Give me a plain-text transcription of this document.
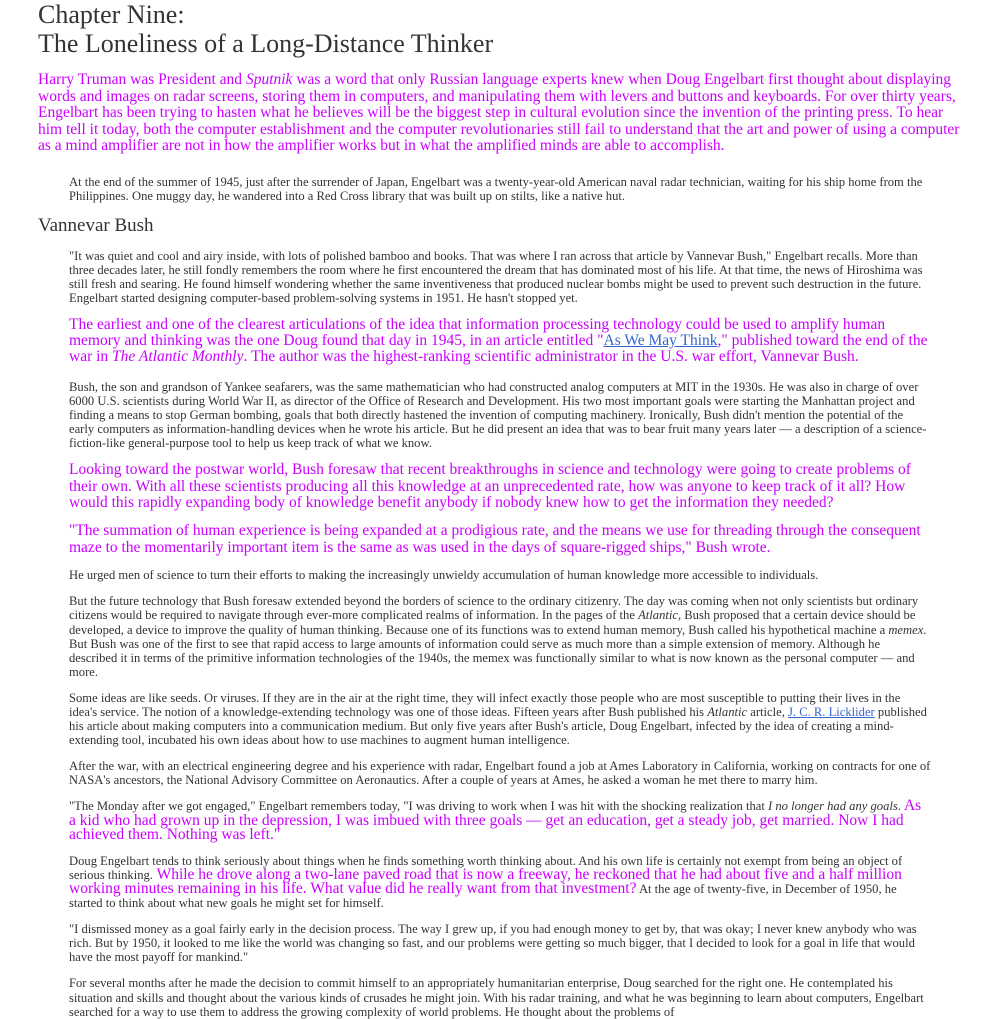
Chapter Nine:
The Loneliness of a Long-Distance Thinker

Harry Truman was President and Sputnik was a word that only Russian language experts knew when Doug Engelbart first thought about displaying words and images on radar screens, storing them in computers, and manipulating them with levers and buttons and keyboards. For over thirty years, Engelbart has been trying to hasten what he believes will be the biggest step in cultural evolution since the invention of the printing press. To hear him tell it today, both the computer establishment and the computer revolutionaries still fail to understand that the art and power of using a computer as a mind amplifier are not in how the amplifier works but in what the amplified minds are able to accomplish.

At the end of the summer of 1945, just after the surrender of Japan, Engelbart was a twenty-year-old American naval radar technician, waiting for his ship home from the Philippines. One muggy day, he wandered into a Red Cross library that was built up on stilts, like a native hut.

Vannevar Bush

"It was quiet and cool and airy inside, with lots of polished bamboo and books. That was where I ran across that article by Vannevar Bush," Engelbart recalls. More than three decades later, he still fondly remembers the room where he first encountered the dream that has dominated most of his life. At that time, the news of Hiroshima was still fresh and searing. He found himself wondering whether the same inventiveness that produced nuclear bombs might be used to prevent such destruction in the future. Engelbart started designing computer-based problem-solving systems in 1951. He hasn't stopped yet.

The earliest and one of the clearest articulations of the idea that information processing technology could be used to amplify human memory and thinking was the one Doug found that day in 1945, in an article entitled "As We May Think," published toward the end of the war in The Atlantic Monthly. The author was the highest-ranking scientific administrator in the U.S. war effort, Vannevar Bush.

Bush, the son and grandson of Yankee seafarers, was the same mathematician who had constructed analog computers at MIT in the 1930s. He was also in charge of over 6000 U.S. scientists during World War II, as director of the Office of Research and Development. His two most important goals were starting the Manhattan project and finding a means to stop German bombing, goals that both directly hastened the invention of computing machinery. Ironically, Bush didn't mention the potential of the early computers as information-handling devices when he wrote his article. But he did present an idea that was to bear fruit many years later — a description of a science-fiction-like general-purpose tool to help us keep track of what we know.

Looking toward the postwar world, Bush foresaw that recent breakthroughs in science and technology were going to create problems of their own. With all these scientists producing all this knowledge at an unprecedented rate, how was anyone to keep track of it all? How would this rapidly expanding body of knowledge benefit anybody if nobody knew how to get the information they needed?

"The summation of human experience is being expanded at a prodigious rate, and the means we use for threading through the consequent maze to the momentarily important item is the same as was used in the days of square-rigged ships," Bush wrote.

He urged men of science to turn their efforts to making the increasingly unwieldy accumulation of human knowledge more accessible to individuals.

But the future technology that Bush foresaw extended beyond the borders of science to the ordinary citizenry. The day was coming when not only scientists but ordinary citizens would be required to navigate through ever-more complicated realms of information. In the pages of the Atlantic, Bush proposed that a certain device should be developed, a device to improve the quality of human thinking. Because one of its functions was to extend human memory, Bush called his hypothetical machine a memex. But Bush was one of the first to see that rapid access to large amounts of information could serve as much more than a simple extension of memory. Although he described it in terms of the primitive information technologies of the 1940s, the memex was functionally similar to what is now known as the personal computer — and more.

Some ideas are like seeds. Or viruses. If they are in the air at the right time, they will infect exactly those people who are most susceptible to putting their lives in the idea's service. The notion of a knowledge-extending technology was one of those ideas. Fifteen years after Bush published his Atlantic article, J. C. R. Licklider published his article about making computers into a communication medium. But only five years after Bush's article, Doug Engelbart, infected by the idea of creating a mind-extending tool, incubated his own ideas about how to use machines to augment human intelligence.

After the war, with an electrical engineering degree and his experience with radar, Engelbart found a job at Ames Laboratory in California, working on contracts for one of NASA's ancestors, the National Advisory Committee on Aeronautics. After a couple of years at Ames, he asked a woman he met there to marry him.

"The Monday after we got engaged," Engelbart remembers today, "I was driving to work when I was hit with the shocking realization that I no longer had any goals. As a kid who had grown up in the depression, I was imbued with three goals — get an education, get a steady job, get married. Now I had achieved them. Nothing was left."

Doug Engelbart tends to think seriously about things when he finds something worth thinking about. And his own life is certainly not exempt from being an object of serious thinking. While he drove along a two-lane paved road that is now a freeway, he reckoned that he had about five and a half million working minutes remaining in his life. What value did he really want from that investment? At the age of twenty-five, in December of 1950, he started to think about what new goals he might set for himself.

"I dismissed money as a goal fairly early in the decision process. The way I grew up, if you had enough money to get by, that was okay; I never knew anybody who was rich. But by 1950, it looked to me like the world was changing so fast, and our problems were getting so much bigger, that I decided to look for a goal in life that would have the most payoff for mankind."

For several months after he made the decision to commit himself to an appropriately humanitarian enterprise, Doug searched for the right one. He contemplated his situation and skills and thought about the various kinds of crusades he might join. With his radar training, and what he was beginning to learn about computers, Engelbart searched for a way to use them to address the growing complexity of world problems. He thought about the problems of
